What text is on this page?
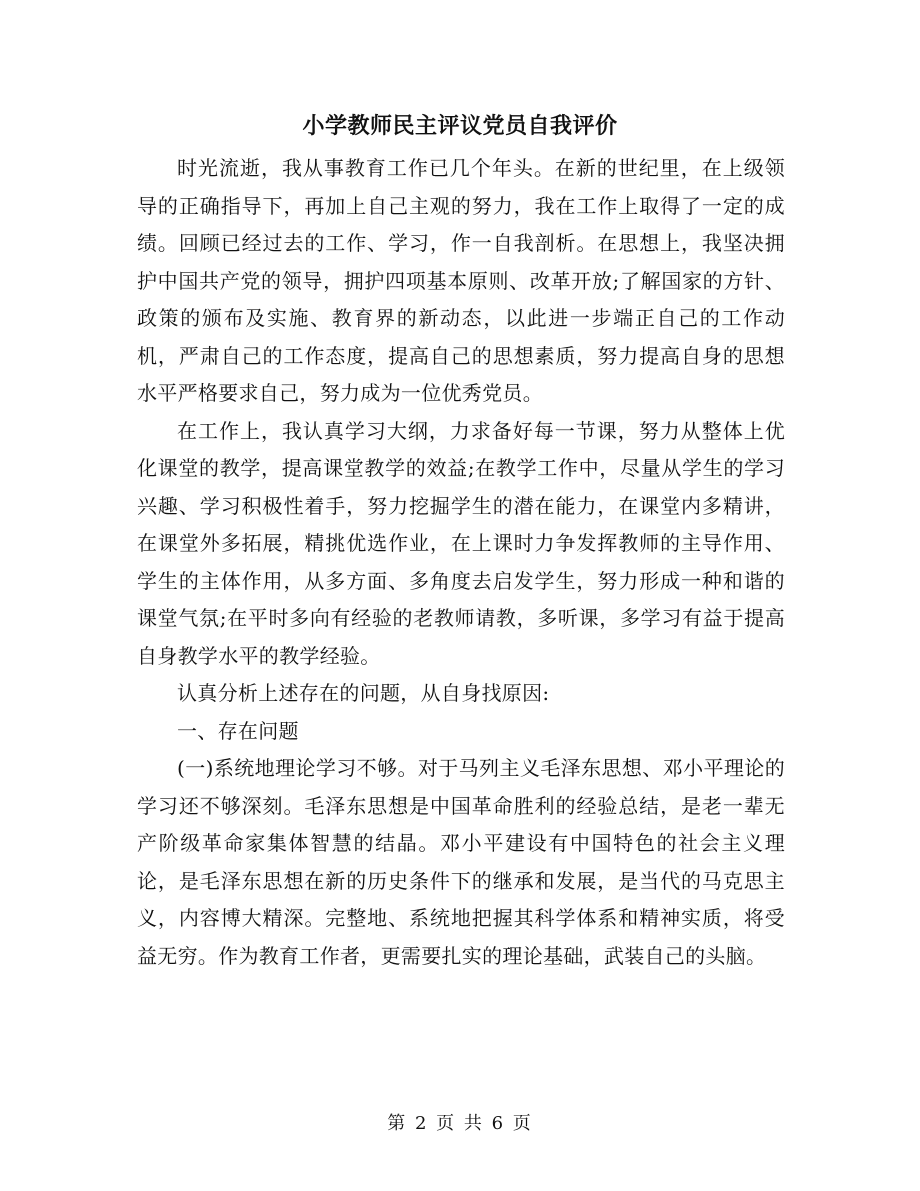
小学教师民主评议党员自我评价

时光流逝，我从事教育工作已几个年头。在新的世纪里，在上级领导的正确指导下，再加上自己主观的努力，我在工作上取得了一定的成绩。回顾已经过去的工作、学习，作一自我剖析。在思想上，我坚决拥护中国共产党的领导，拥护四项基本原则、改革开放;了解国家的方针、政策的颁布及实施、教育界的新动态，以此进一步端正自己的工作动机，严肃自己的工作态度，提高自己的思想素质，努力提高自身的思想水平严格要求自己，努力成为一位优秀党员。

在工作上，我认真学习大纲，力求备好每一节课，努力从整体上优化课堂的教学，提高课堂教学的效益;在教学工作中，尽量从学生的学习兴趣、学习积极性着手，努力挖掘学生的潜在能力，在课堂内多精讲，在课堂外多拓展，精挑优选作业，在上课时力争发挥教师的主导作用、学生的主体作用，从多方面、多角度去启发学生，努力形成一种和谐的课堂气氛;在平时多向有经验的老教师请教，多听课，多学习有益于提高自身教学水平的教学经验。

认真分析上述存在的问题，从自身找原因:

一、存在问题

(一)系统地理论学习不够。对于马列主义毛泽东思想、邓小平理论的学习还不够深刻。毛泽东思想是中国革命胜利的经验总结，是老一辈无产阶级革命家集体智慧的结晶。邓小平建设有中国特色的社会主义理论，是毛泽东思想在新的历史条件下的继承和发展，是当代的马克思主义，内容博大精深。完整地、系统地把握其科学体系和精神实质，将受益无穷。作为教育工作者，更需要扎实的理论基础，武装自己的头脑。

第 2 页 共 6 页
